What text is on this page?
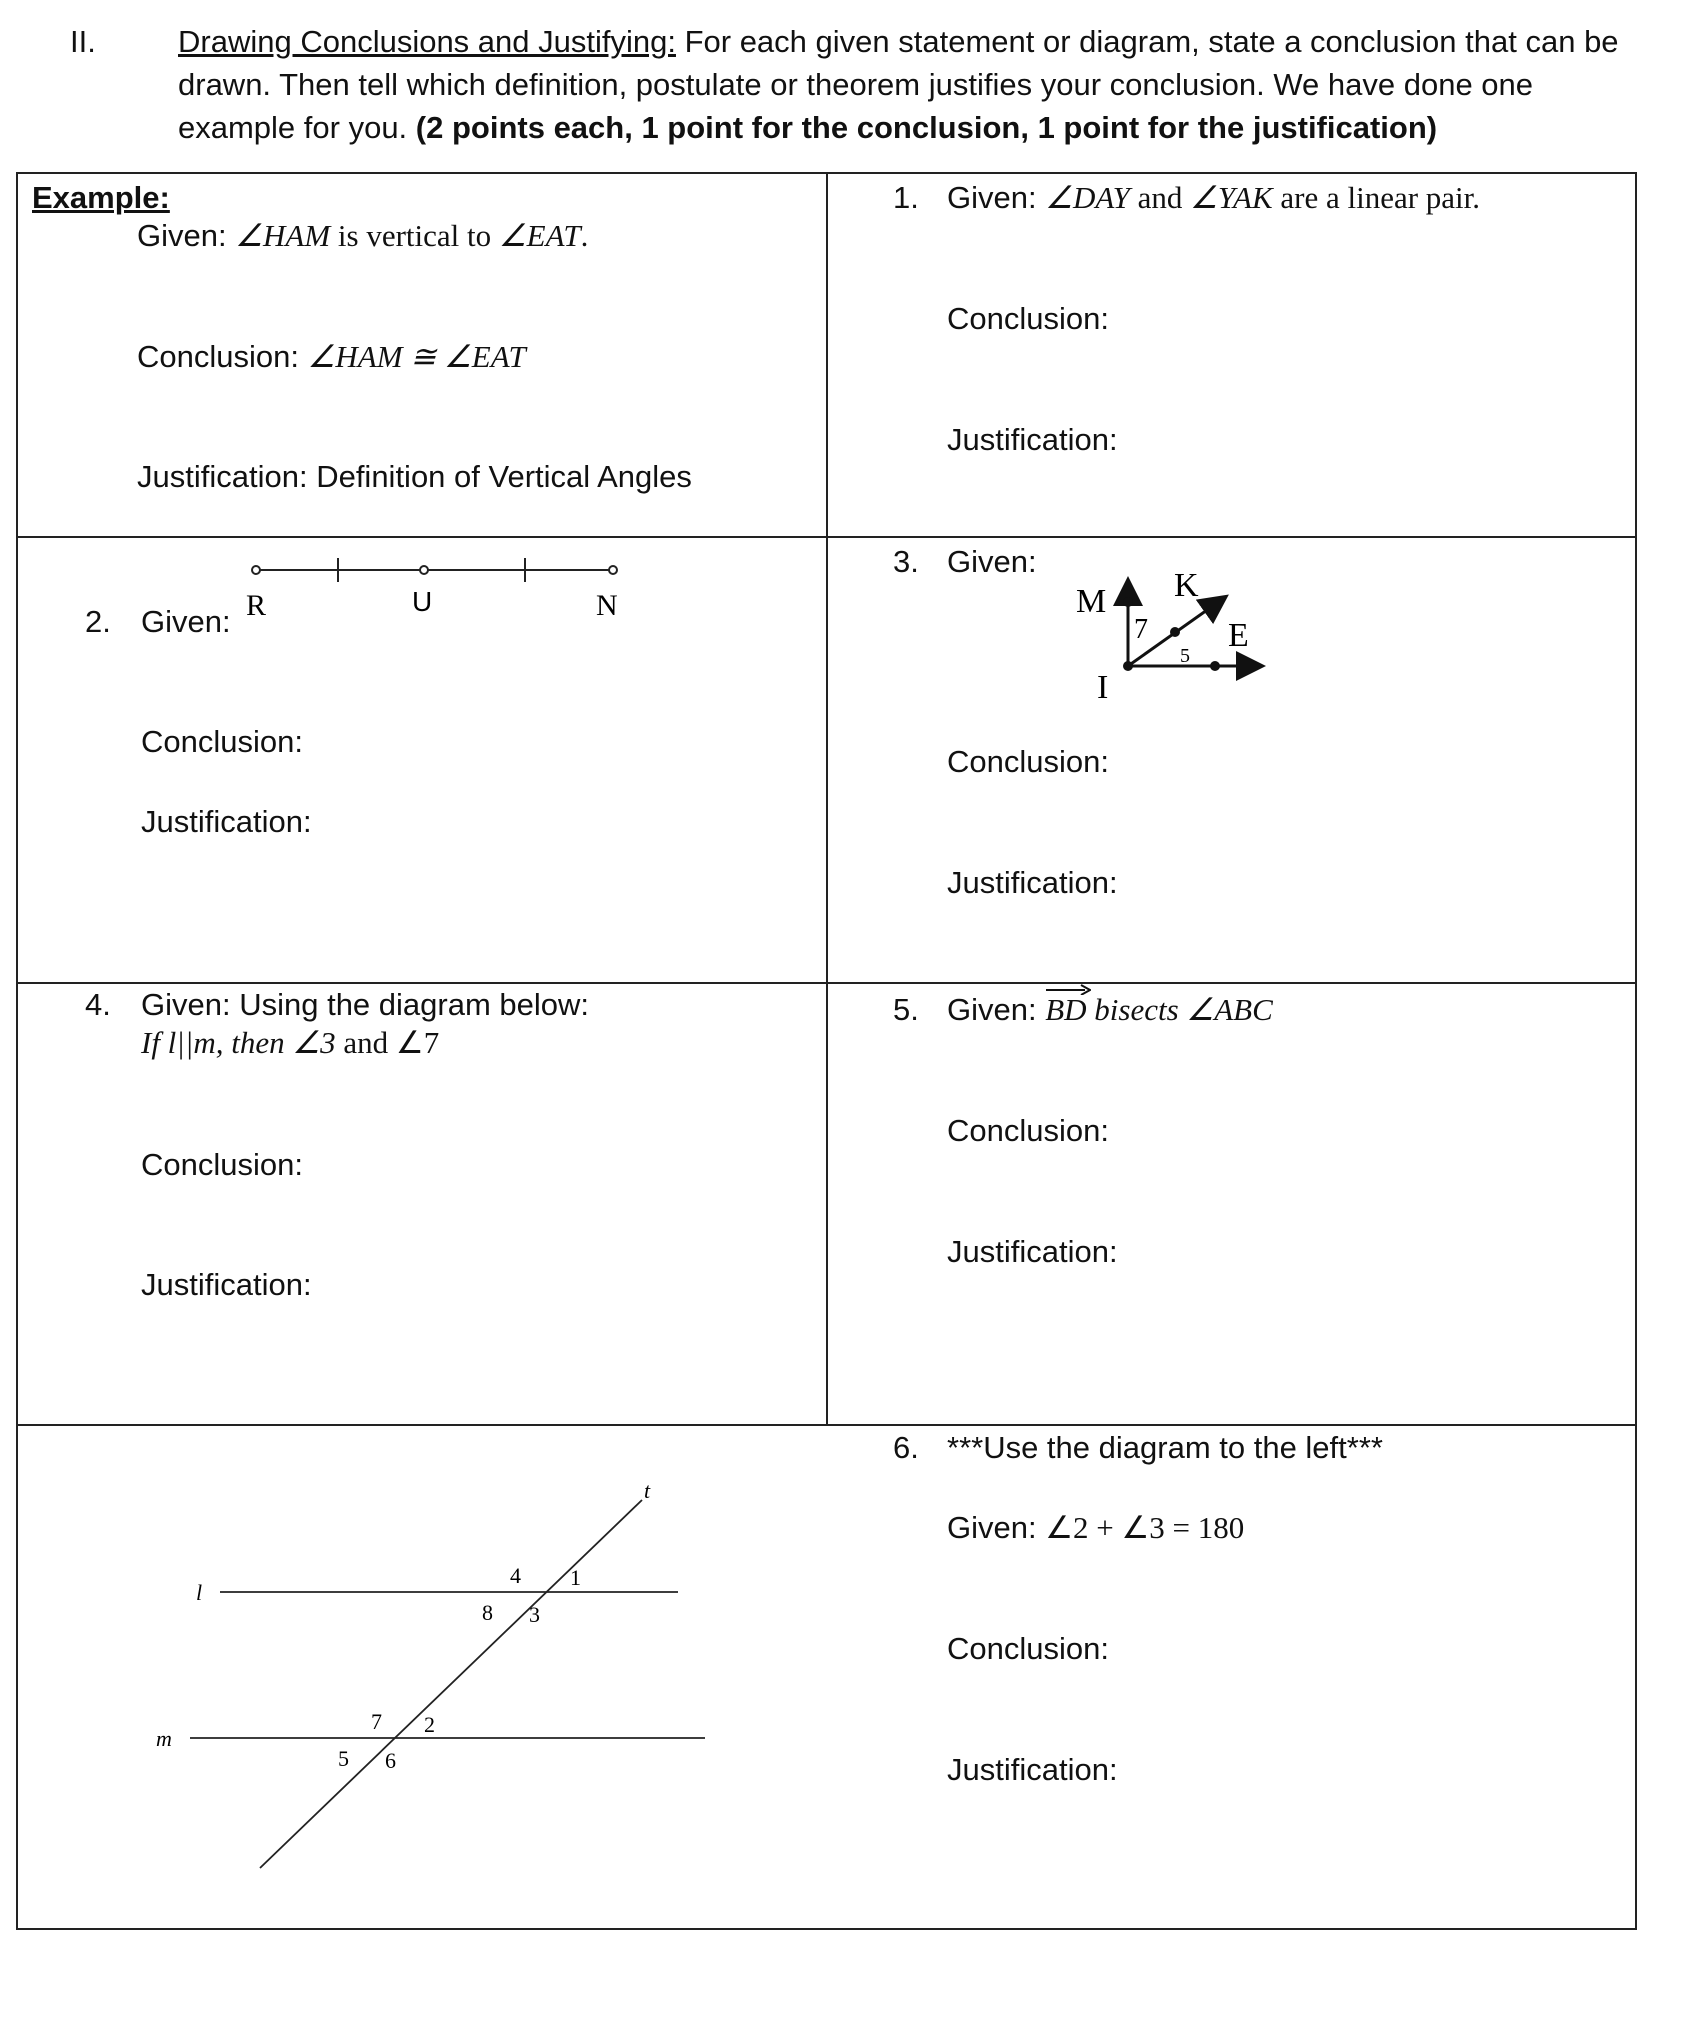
II.	Drawing Conclusions and Justifying: For each given statement or diagram, state a conclusion that can be drawn. Then tell which definition, postulate or theorem justifies your conclusion. We have done one example for you. (2 points each, 1 point for the conclusion, 1 point for the justification)
Example:
Given: ∠HAM is vertical to ∠EAT.
Conclusion: ∠HAM ≅ ∠EAT
Justification: Definition of Vertical Angles
1. Given: ∠DAY and ∠YAK are a linear pair.
Conclusion:
Justification:
2. Given: R	U	N
Conclusion:
Justification:
3. Given:
7
5
M K
E
I
Conclusion:
Justification:
4. Given: Using the diagram below:
If l||m, then ∠3 and ∠7
Conclusion:
Justification:
5. Given: BD
bisects ∠ABC
Conclusion:
Justification:
6. ***Use the diagram to the left***
Given: ∠2 + ∠3 = 180
Conclusion:
Justification:
l
m
t
4 1
8 3
7 2
5 6
